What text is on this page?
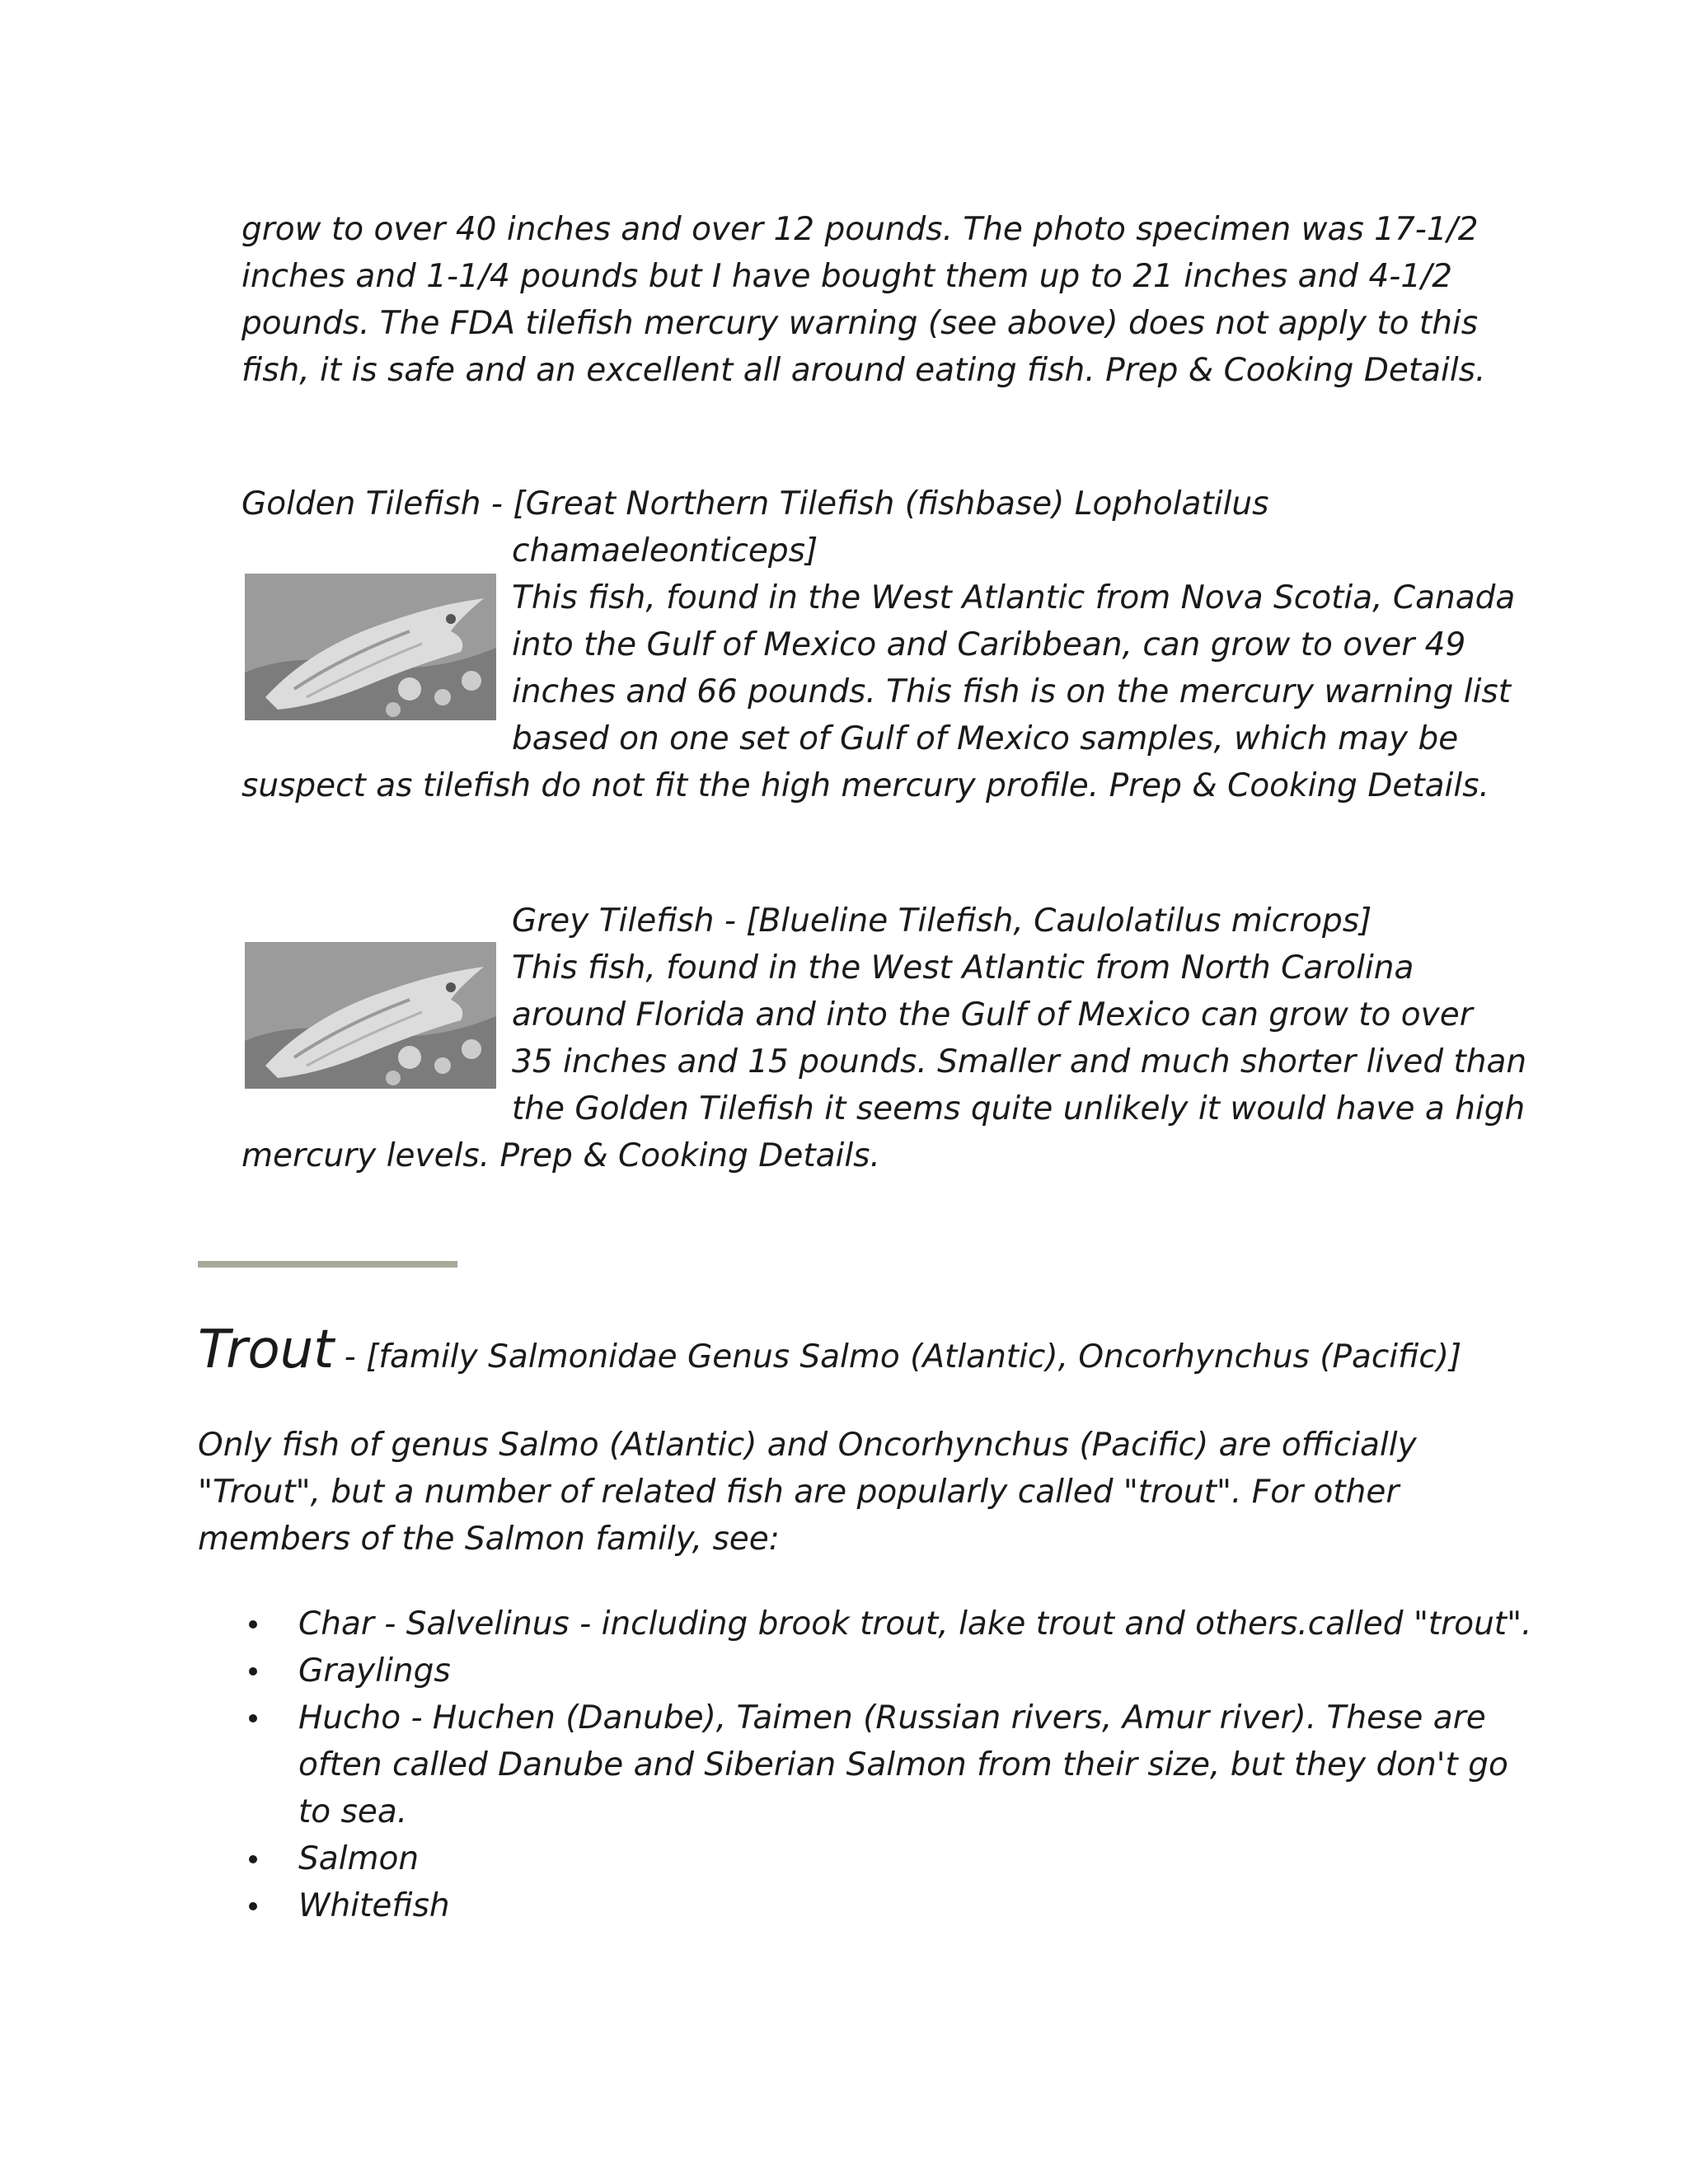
grow to over 40 inches and over 12 pounds. The photo specimen was 17-1/2
inches and 1-1/4 pounds but I have bought them up to 21 inches and 4-1/2
pounds. The FDA tilefish mercury warning (see above) does not apply to this
fish, it is safe and an excellent all around eating fish. Prep & Cooking Details.

Golden Tilefish - [Great Northern Tilefish (fishbase) Lopholatilus

chamaeleonticeps]
This fish, found in the West Atlantic from Nova Scotia, Canada
into the Gulf of Mexico and Caribbean, can grow to over 49
inches and 66 pounds. This fish is on the mercury warning list
based on one set of Gulf of Mexico samples, which may be

suspect as tilefish do not fit the high mercury profile. Prep & Cooking Details.

Grey Tilefish - [Blueline Tilefish, Caulolatilus microps]
This fish, found in the West Atlantic from North Carolina
around Florida and into the Gulf of Mexico can grow to over
35 inches and 15 pounds. Smaller and much shorter lived than
the Golden Tilefish it seems quite unlikely it would have a high

mercury levels. Prep & Cooking Details.

Trout - [family Salmonidae Genus Salmo (Atlantic), Oncorhynchus (Pacific)]

Only fish of genus Salmo (Atlantic) and Oncorhynchus (Pacific) are officially
"Trout", but a number of related fish are popularly called "trout". For other
members of the Salmon family, see:

Char - Salvelinus - including brook trout, lake trout and others.called "trout".
Graylings
Hucho - Huchen (Danube), Taimen (Russian rivers, Amur river). These are
often called Danube and Siberian Salmon from their size, but they don't go
to sea.
Salmon
Whitefish
